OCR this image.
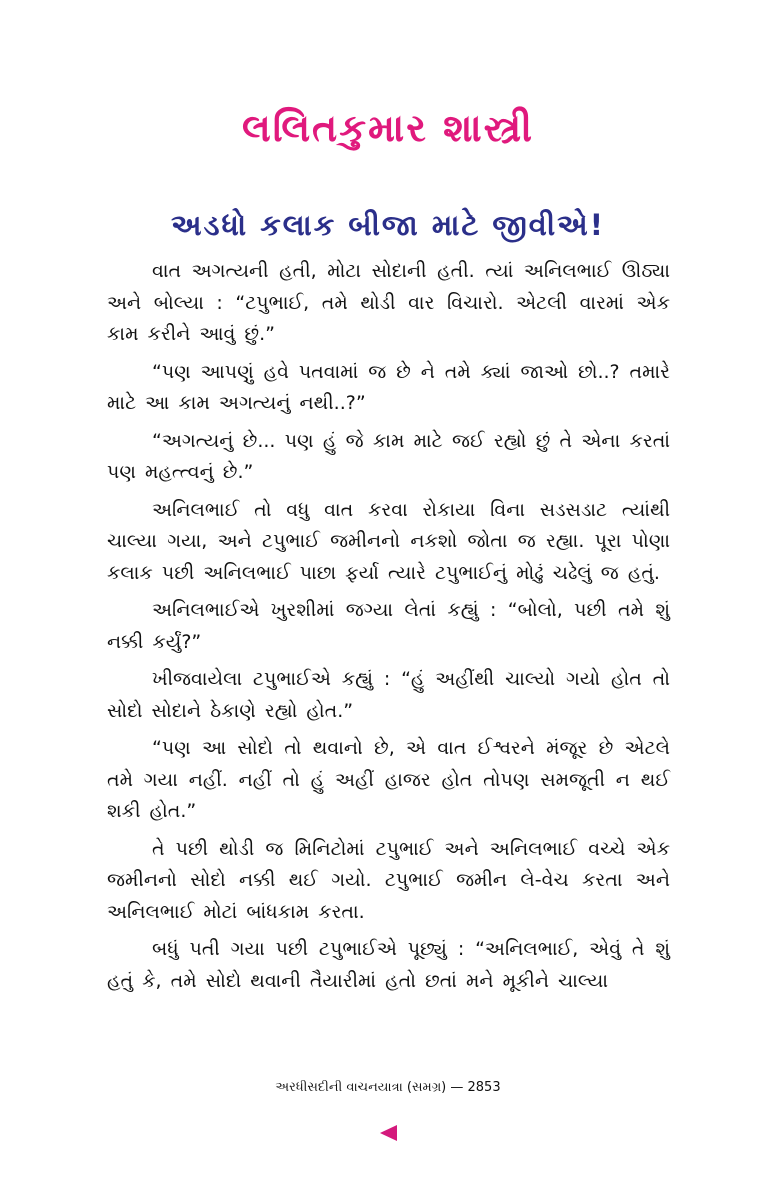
લલિતકુમાર શાસ્ત્રી
અડધો કલાક બીજા માટે જીવીએ!

વાત અગત્યની હતી, મોટા સોદાની હતી. ત્યાં અનિલભાઈ ઊઠ્યા અને બોલ્યા : “ટપુભાઈ, તમે થોડી વાર વિચારો. એટલી વારમાં એક કામ કરીને આવું છું.”

“પણ આપણું હવે પતવામાં જ છે ને તમે ક્યાં જાઓ છો..? તમારે માટે આ કામ અગત્યનું નથી..?”

“અગત્યનું છે... પણ હું જે કામ માટે જઈ રહ્યો છું તે એના કરતાં પણ મહત્ત્વનું છે.”

અનિલભાઈ તો વધુ વાત કરવા રોકાયા વિના સડસડાટ ત્યાંથી ચાલ્યા ગયા, અને ટપુભાઈ જમીનનો નકશો જોતા જ રહ્યા. પૂરા પોણા કલાક પછી અનિલભાઈ પાછા ફર્યા ત્યારે ટપુભાઈનું મોઢું ચઢેલું જ હતું.

અનિલભાઈએ ખુરશીમાં જગ્યા લેતાં કહ્યું : “બોલો, પછી તમે શું નક્કી કર્યું?”

ખીજવાયેલા ટપુભાઈએ કહ્યું : “હું અહીંથી ચાલ્યો ગયો હોત તો સોદો સોદાને ઠેકાણે રહ્યો હોત.”

“પણ આ સોદો તો થવાનો છે, એ વાત ઈશ્વરને મંજૂર છે એટલે તમે ગયા નહીં. નહીં તો હું અહીં હાજર હોત તોપણ સમજૂતી ન થઈ શકી હોત.”

તે પછી થોડી જ મિનિટોમાં ટપુભાઈ અને અનિલભાઈ વચ્ચે એક જમીનનો સોદો નક્કી થઈ ગયો. ટપુભાઈ જમીન લે-વેચ કરતા અને અનિલભાઈ મોટાં બાંધકામ કરતા.

બધું પતી ગયા પછી ટપુભાઈએ પૂછ્યું : “અનિલભાઈ, એવું તે શું હતું કે, તમે સોદો થવાની તૈયારીમાં હતો છતાં મને મૂકીને ચાલ્યા

અરધીસદીની વાચનયાત્રા (સમગ્ર) — 2853
